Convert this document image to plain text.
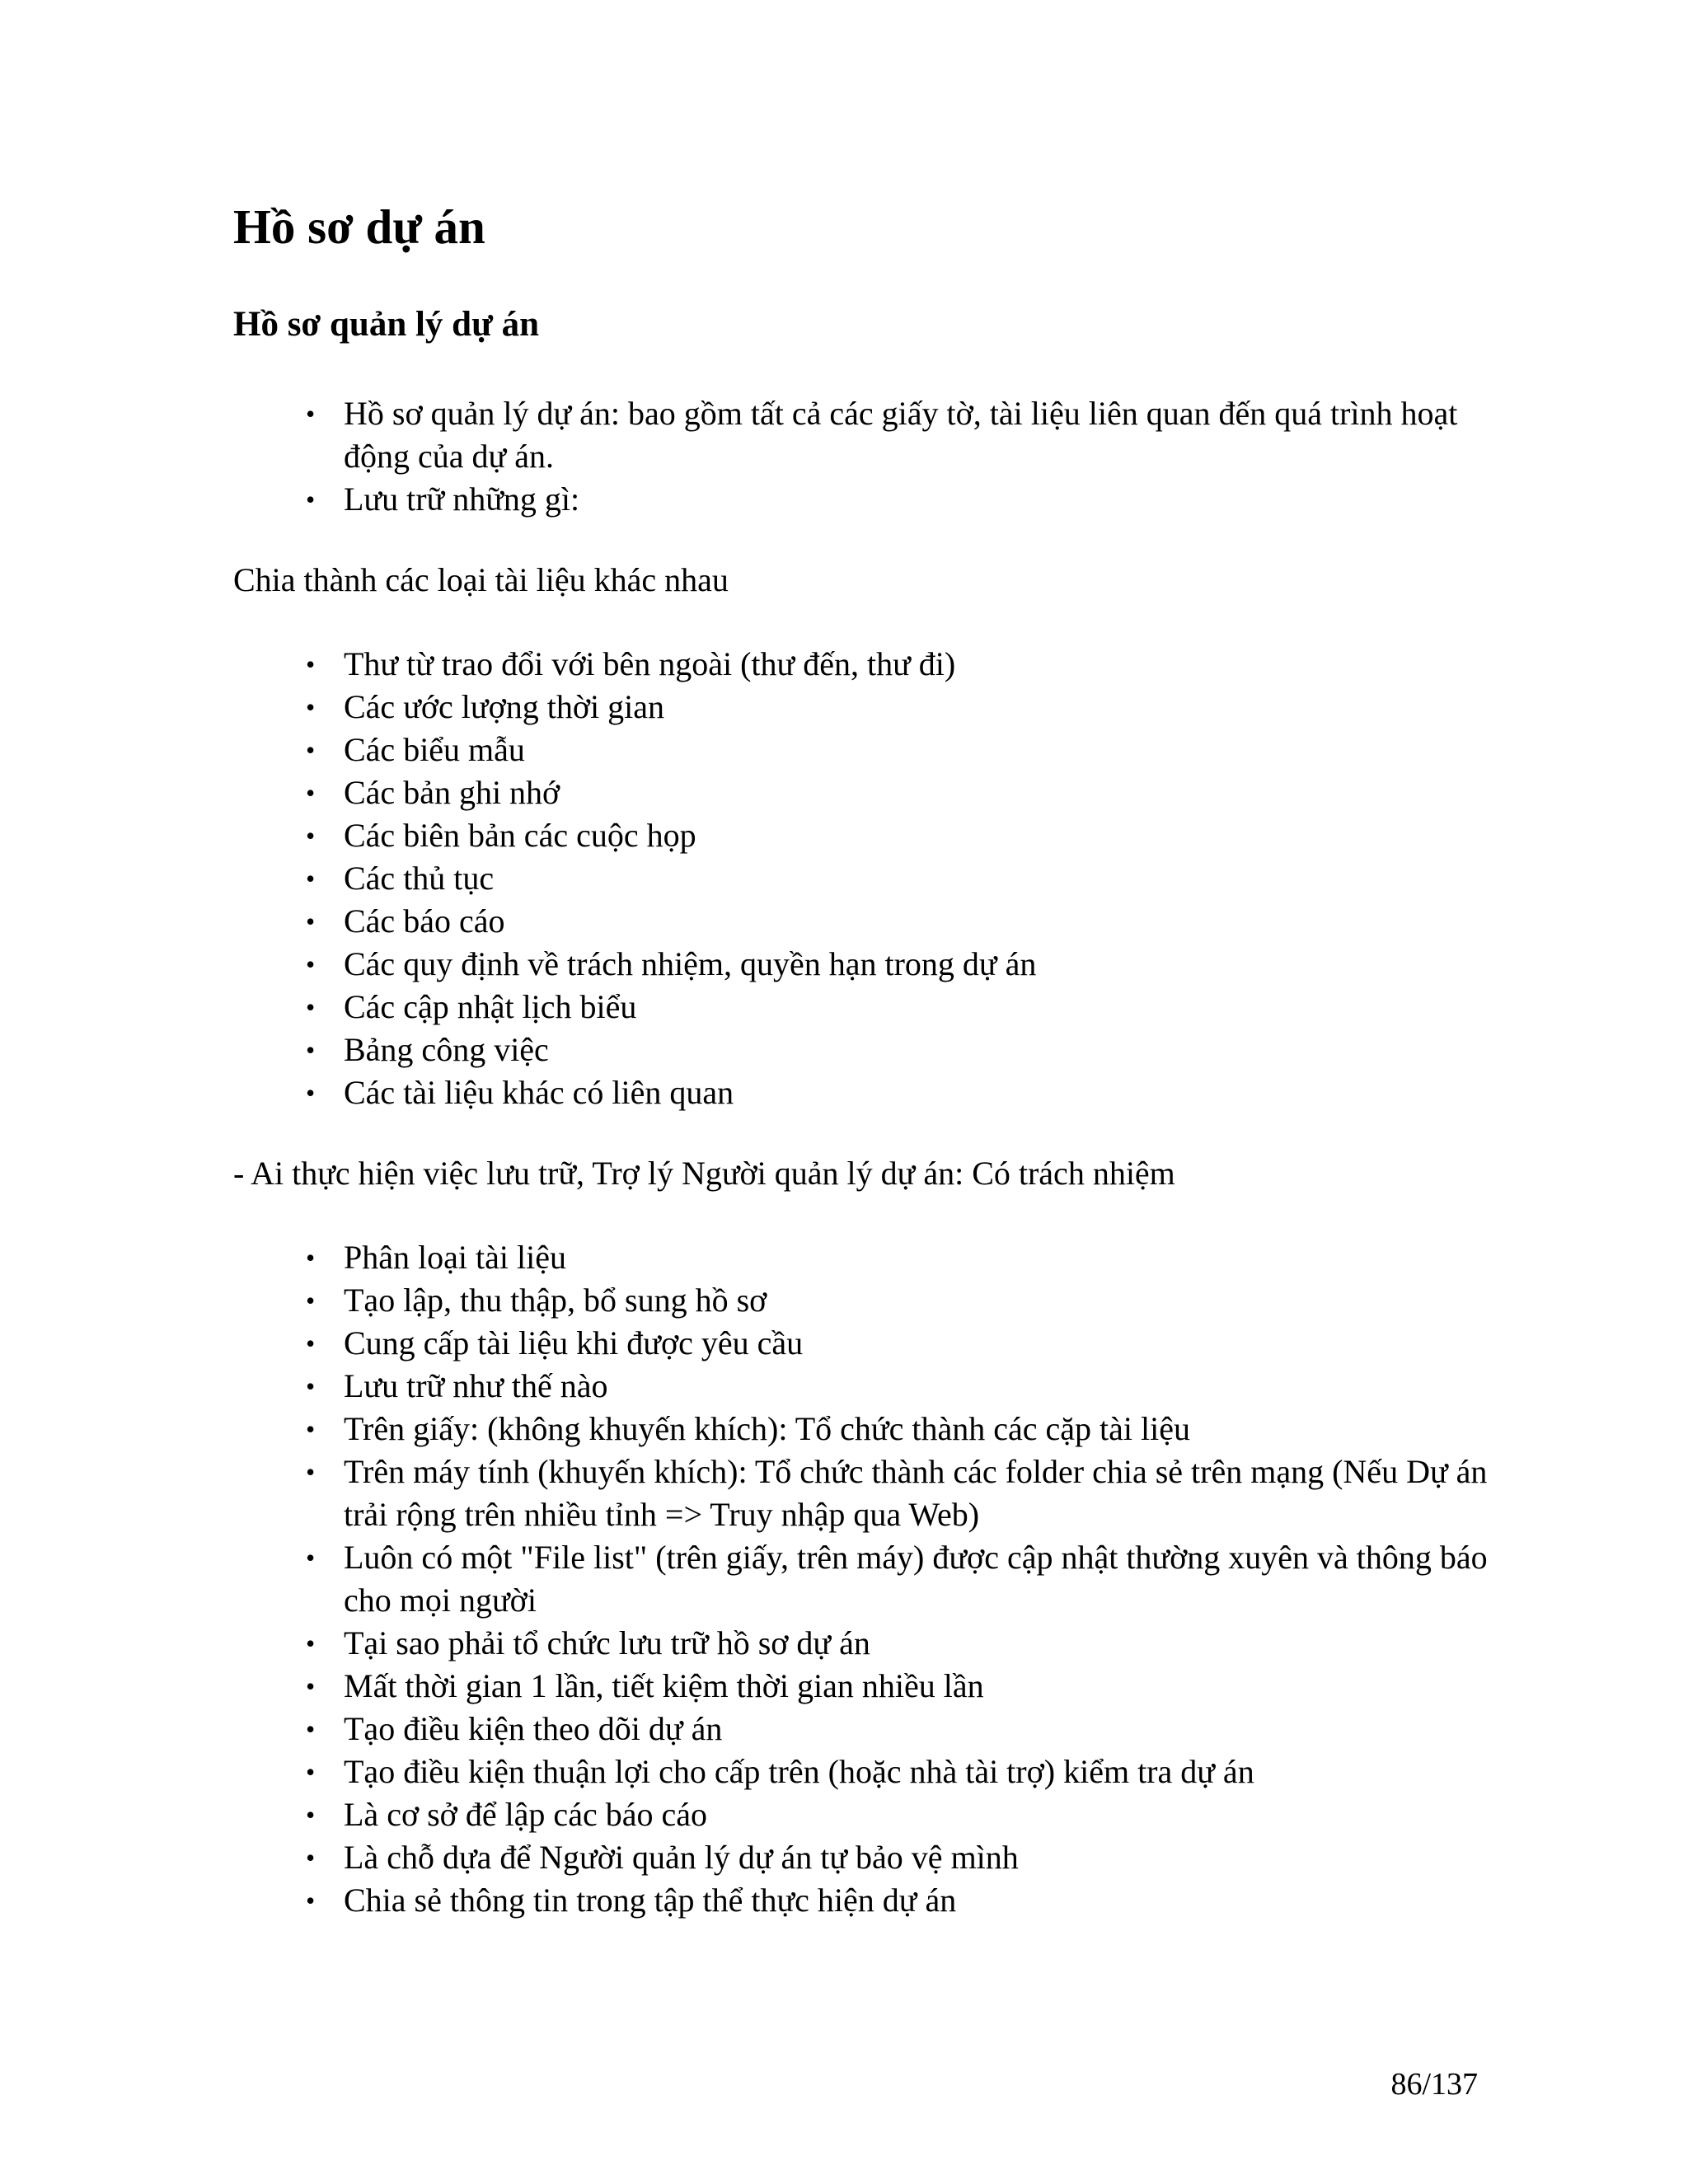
Hồ sơ dự án
Hồ sơ quản lý dự án
• Hồ sơ quản lý dự án: bao gồm tất cả các giấy tờ, tài liệu liên quan đến quá trình hoạt động của dự án.
• Lưu trữ những gì:

Chia thành các loại tài liệu khác nhau

• Thư từ trao đổi với bên ngoài (thư đến, thư đi)
• Các ước lượng thời gian
• Các biểu mẫu
• Các bản ghi nhớ
• Các biên bản các cuộc họp
• Các thủ tục
• Các báo cáo
• Các quy định về trách nhiệm, quyền hạn trong dự án
• Các cập nhật lịch biểu
• Bảng công việc
• Các tài liệu khác có liên quan

- Ai thực hiện việc lưu trữ, Trợ lý Người quản lý dự án: Có trách nhiệm

• Phân loại tài liệu
• Tạo lập, thu thập, bổ sung hồ sơ
• Cung cấp tài liệu khi được yêu cầu
• Lưu trữ như thế nào
• Trên giấy: (không khuyến khích): Tổ chức thành các cặp tài liệu
• Trên máy tính (khuyến khích): Tổ chức thành các folder chia sẻ trên mạng (Nếu Dự án trải rộng trên nhiều tỉnh => Truy nhập qua Web)
• Luôn có một "File list" (trên giấy, trên máy) được cập nhật thường xuyên và thông báo cho mọi người
• Tại sao phải tổ chức lưu trữ hồ sơ dự án
• Mất thời gian 1 lần, tiết kiệm thời gian nhiều lần
• Tạo điều kiện theo dõi dự án
• Tạo điều kiện thuận lợi cho cấp trên (hoặc nhà tài trợ) kiểm tra dự án
• Là cơ sở để lập các báo cáo
• Là chỗ dựa để Người quản lý dự án tự bảo vệ mình
• Chia sẻ thông tin trong tập thể thực hiện dự án
86/137
